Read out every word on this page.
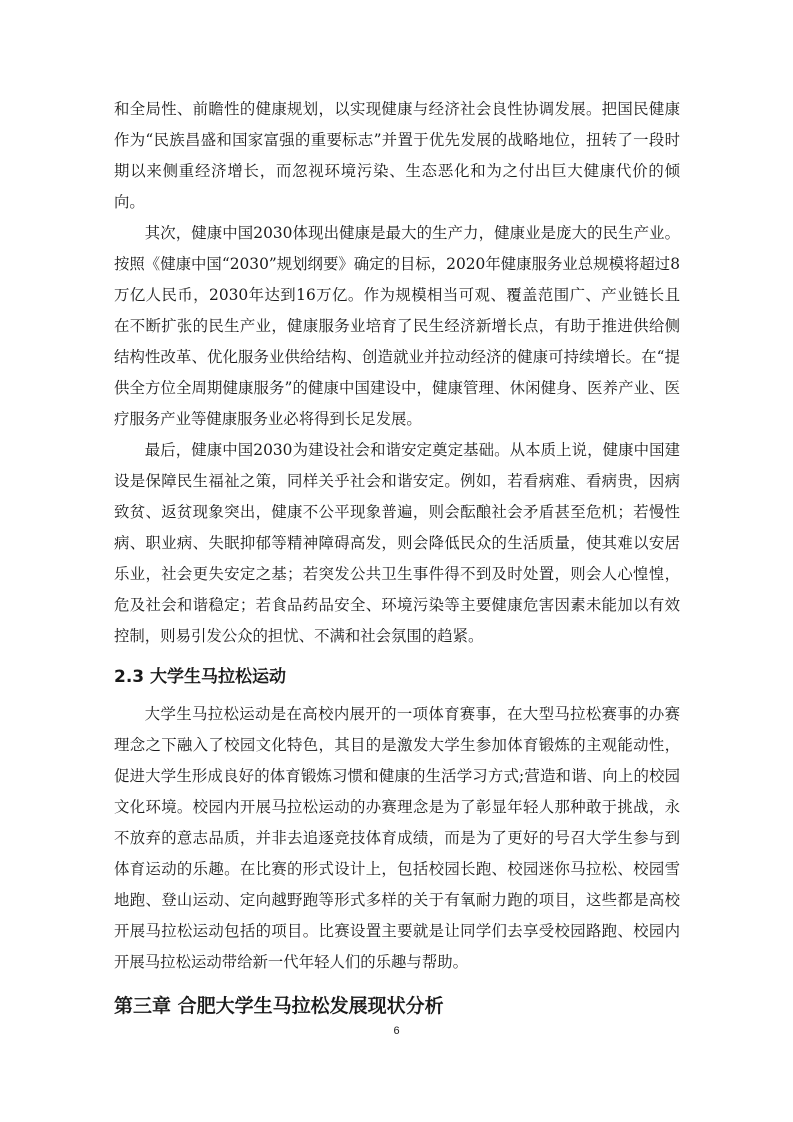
和全局性、前瞻性的健康规划，以实现健康与经济社会良性协调发展。把国民健康作为“民族昌盛和国家富强的重要标志”并置于优先发展的战略地位，扭转了一段时期以来侧重经济增长，而忽视环境污染、生态恶化和为之付出巨大健康代价的倾向。

其次，健康中国2030体现出健康是最大的生产力，健康业是庞大的民生产业。按照《健康中国“2030”规划纲要》确定的目标，2020年健康服务业总规模将超过8万亿人民币，2030年达到16万亿。作为规模相当可观、覆盖范围广、产业链长且在不断扩张的民生产业，健康服务业培育了民生经济新增长点，有助于推进供给侧结构性改革、优化服务业供给结构、创造就业并拉动经济的健康可持续增长。在“提供全方位全周期健康服务”的健康中国建设中，健康管理、休闲健身、医养产业、医疗服务产业等健康服务业必将得到长足发展。

最后，健康中国2030为建设社会和谐安定奠定基础。从本质上说，健康中国建设是保障民生福祉之策，同样关乎社会和谐安定。例如，若看病难、看病贵，因病致贫、返贫现象突出，健康不公平现象普遍，则会酝酿社会矛盾甚至危机；若慢性病、职业病、失眠抑郁等精神障碍高发，则会降低民众的生活质量，使其难以安居乐业，社会更失安定之基；若突发公共卫生事件得不到及时处置，则会人心惶惶，危及社会和谐稳定；若食品药品安全、环境污染等主要健康危害因素未能加以有效控制，则易引发公众的担忧、不满和社会氛围的趋紧。

2.3 大学生马拉松运动

大学生马拉松运动是在高校内展开的一项体育赛事，在大型马拉松赛事的办赛理念之下融入了校园文化特色，其目的是激发大学生参加体育锻炼的主观能动性，促进大学生形成良好的体育锻炼习惯和健康的生活学习方式;营造和谐、向上的校园文化环境。校园内开展马拉松运动的办赛理念是为了彰显年轻人那种敢于挑战，永不放弃的意志品质，并非去追逐竞技体育成绩，而是为了更好的号召大学生参与到体育运动的乐趣。在比赛的形式设计上，包括校园长跑、校园迷你马拉松、校园雪地跑、登山运动、定向越野跑等形式多样的关于有氧耐力跑的项目，这些都是高校开展马拉松运动包括的项目。比赛设置主要就是让同学们去享受校园路跑、校园内开展马拉松运动带给新一代年轻人们的乐趣与帮助。

第三章 合肥大学生马拉松发展现状分析
6
